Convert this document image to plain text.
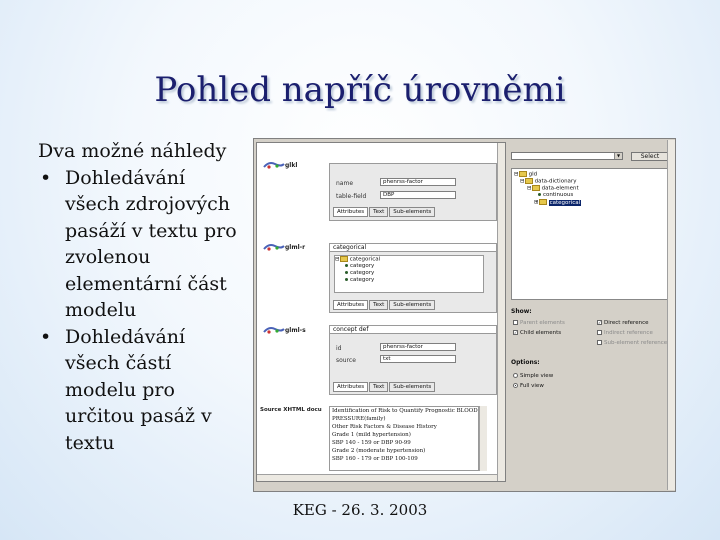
Pohled napříč úrovněmi

Dva možné náhledy

• Dohledávání všech zdrojových pasáží v textu pro zvolenou elementární část modelu
• Dohledávání všech částí modelu pro určitou pasáž v textu
glkl
name	phenrss-factor
table-field	DBP
Attributes Text Sub-elements
glml-r	categorical
⊟ categorical
category
category
category
Attributes Text Sub-elements
glml-s	concept def
id	phenrss-factor
source	txt
Attributes Text Sub-elements
Source XHTML docu Identification of Risk to Quantify Prognostic BLOOD
PRESSURE(family)
Other Risk Factors & Disease History
Grade 1 (mild hypertension)
SBP 140 - 159 or DBP 90-99
Grade 2 (moderate hypertension)
SBP 160 - 179 or DBP 100-109
▼	Select
⊟ gld
⊟ data-dictionary
⊟ data-element
continuous
⊞ categorical
Show:
Parent elements
✓ Child elements
✓ Direct reference
Indirect reference
Sub-element reference
Options:
Simple view
Full view
KEG - 26. 3. 2003
